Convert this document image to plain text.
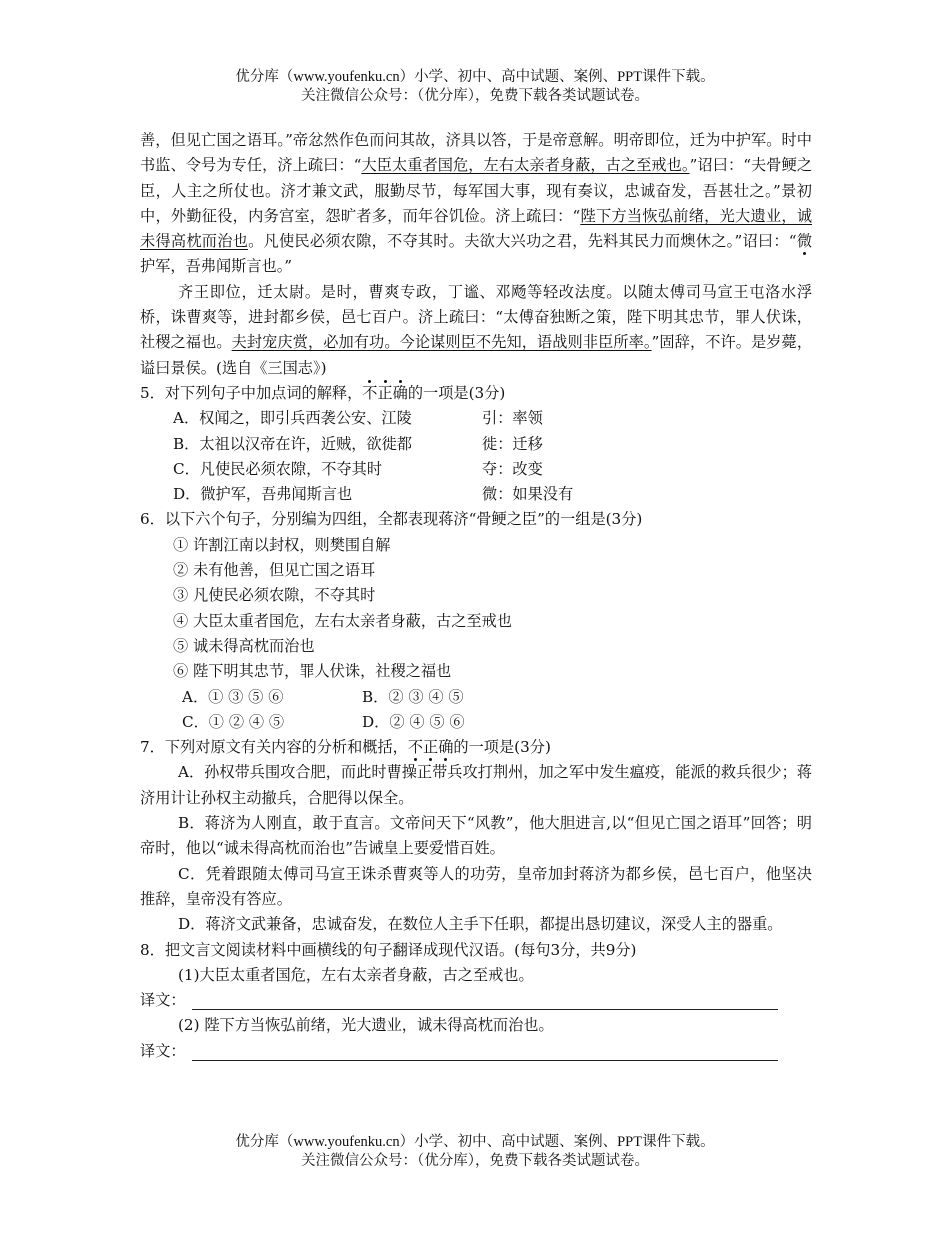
优分库（www.youfenku.cn）小学、初中、高中试题、案例、PPT课件下载。
关注微信公众号：（优分库），免费下载各类试题试卷。

善，但见亡国之语耳。”帝忿然作色而问其故，济具以答，于是帝意解。明帝即位，迁为中护军。时中书监、令号为专任，济上疏曰：“大臣太重者国危，左右太亲者身蔽，古之至戒也。”诏曰：“夫骨鲠之臣，人主之所仗也。济才兼文武，服勤尽节，每军国大事，现有奏议，忠诚奋发，吾甚壮之。”景初中，外勤征役，内务宫室，怨旷者多，而年谷饥俭。济上疏曰：“陛下方当恢弘前绪，光大遗业，诚未得高枕而治也。凡使民必须农隙，不夺其时。夫欲大兴功之君，先料其民力而燠休之。”诏曰：“微护军，吾弗闻斯言也。”

齐王即位，迁太尉。是时，曹爽专政，丁谧、邓飏等轻改法度。以随太傅司马宣王屯洛水浮桥，诛曹爽等，进封都乡侯，邑七百户。济上疏曰：“太傅奋独断之策，陛下明其忠节，罪人伏诛，社稷之福也。夫封宠庆赏，必加有功。今论谋则臣不先知，语战则非臣所率。”固辞，不许。是岁薨，谥曰景侯。(选自《三国志》)

5．对下列句子中加点词的解释，不正确的一项是(3分)

A．权闻之，即引兵西袭公安、江陵	引：率领
B．太祖以汉帝在许，近贼，欲徙都	徙：迁移
C．凡使民必须农隙，不夺其时	夺：改变
D．微护军，吾弗闻斯言也	微：如果没有

6．以下六个句子，分别编为四组，全都表现蒋济“骨鲠之臣”的一组是(3分)

① 许割江南以封权，则樊围自解
② 未有他善，但见亡国之语耳
③ 凡使民必须农隙，不夺其时
④ 大臣太重者国危，左右太亲者身蔽，古之至戒也
⑤ 诚未得高枕而治也
⑥ 陛下明其忠节，罪人伏诛，社稷之福也
A．① ③ ⑤ ⑥	B．② ③ ④ ⑤
C．① ② ④ ⑤	D．② ④ ⑤ ⑥

7．下列对原文有关内容的分析和概括，不正确的一项是(3分)

A．孙权带兵围攻合肥，而此时曹操正带兵攻打荆州，加之军中发生瘟疫，能派的救兵很少；蒋济用计让孙权主动撤兵，合肥得以保全。

B．蒋济为人刚直，敢于直言。文帝问天下“风教”，他大胆进言,以“但见亡国之语耳”回答；明帝时，他以“诚未得高枕而治也”告诫皇上要爱惜百姓。

C．凭着跟随太傅司马宣王诛杀曹爽等人的功劳，皇帝加封蒋济为都乡侯，邑七百户，他坚决推辞，皇帝没有答应。

D．蒋济文武兼备，忠诚奋发，在数位人主手下任职，都提出恳切建议，深受人主的器重。

8．把文言文阅读材料中画横线的句子翻译成现代汉语。(每句3分，共9分)

(1)大臣太重者国危，左右太亲者身蔽，古之至戒也。

译文：

(2) 陛下方当恢弘前绪，光大遗业，诚未得高枕而治也。

译文：
优分库（www.youfenku.cn）小学、初中、高中试题、案例、PPT课件下载。
关注微信公众号：（优分库），免费下载各类试题试卷。
